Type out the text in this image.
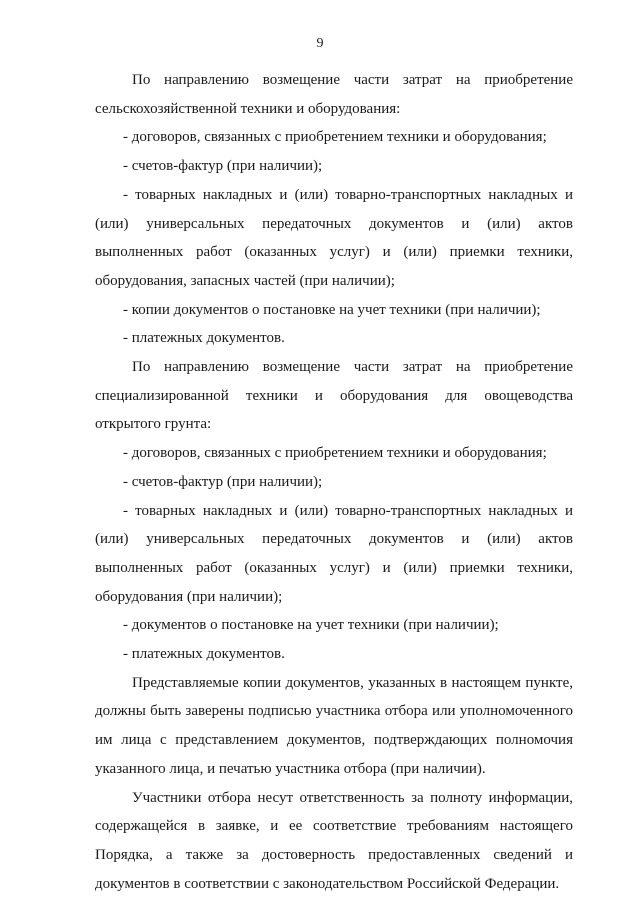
9

По направлению возмещение части затрат на приобретение сельскохозяйственной техники и оборудования:

- договоров, связанных с приобретением техники и оборудования;

- счетов-фактур (при наличии);

- товарных накладных и (или) товарно-транспортных накладных и (или) универсальных передаточных документов и (или) актов выполненных работ (оказанных услуг) и (или) приемки техники, оборудования, запасных частей (при наличии);

- копии документов о постановке на учет техники (при наличии);

- платежных документов.

По направлению возмещение части затрат на приобретение специализированной техники и оборудования для овощеводства открытого грунта:

- договоров, связанных с приобретением техники и оборудования;

- счетов-фактур (при наличии);

- товарных накладных и (или) товарно-транспортных накладных и (или) универсальных передаточных документов и (или) актов выполненных работ (оказанных услуг) и (или) приемки техники, оборудования (при наличии);

- документов о постановке на учет техники (при наличии);

- платежных документов.

Представляемые копии документов, указанных в настоящем пункте, должны быть заверены подписью участника отбора или уполномоченного им лица с представлением документов, подтверждающих полномочия указанного лица, и печатью участника отбора (при наличии).

Участники отбора несут ответственность за полноту информации, содержащейся в заявке, и ее соответствие требованиям настоящего Порядка, а также за достоверность предоставленных сведений и документов в соответствии с законодательством Российской Федерации.
